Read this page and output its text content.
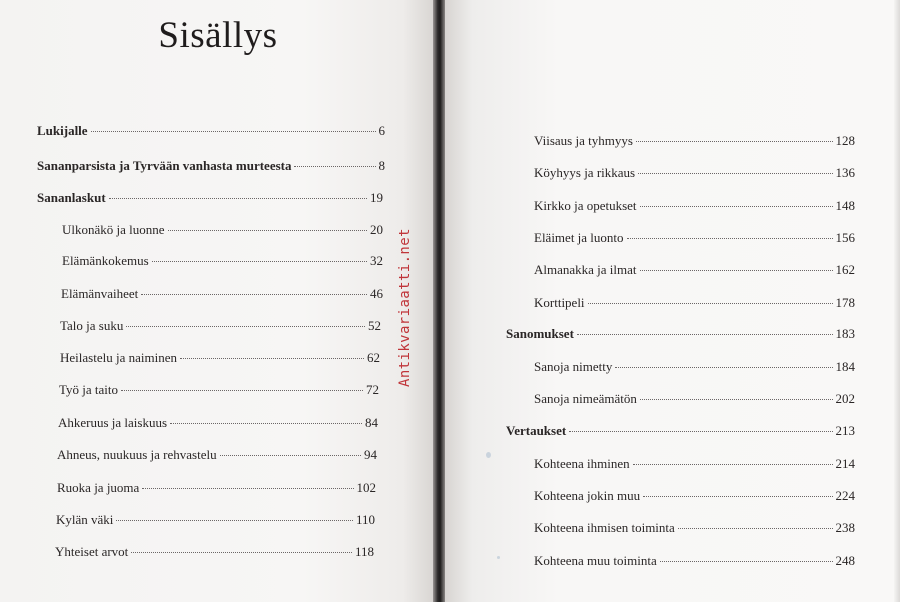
Sisällys
Lukijalle	6
Sananparsista ja Tyrvään vanhasta murteesta	8
Sananlaskut	19
Ulkonäkö ja luonne	20
Elämänkokemus	32
Elämänvaiheet	46
Talo ja suku	52
Heilastelu ja naiminen	62
Työ ja taito	72
Ahkeruus ja laiskuus	84
Ahneus, nuukuus ja rehvastelu	94
Ruoka ja juoma	102
Kylän väki	110
Yhteiset arvot	118
Viisaus ja tyhmyys	128
Köyhyys ja rikkaus	136
Kirkko ja opetukset	148
Eläimet ja luonto	156
Almanakka ja ilmat	162
Korttipeli	178
Sanomukset	183
Sanoja nimetty	184
Sanoja nimeämätön	202
Vertaukset	213
Kohteena ihminen	214
Kohteena jokin muu	224
Kohteena ihmisen toiminta	238
Kohteena muu toiminta	248
Antikvariaatti.net
